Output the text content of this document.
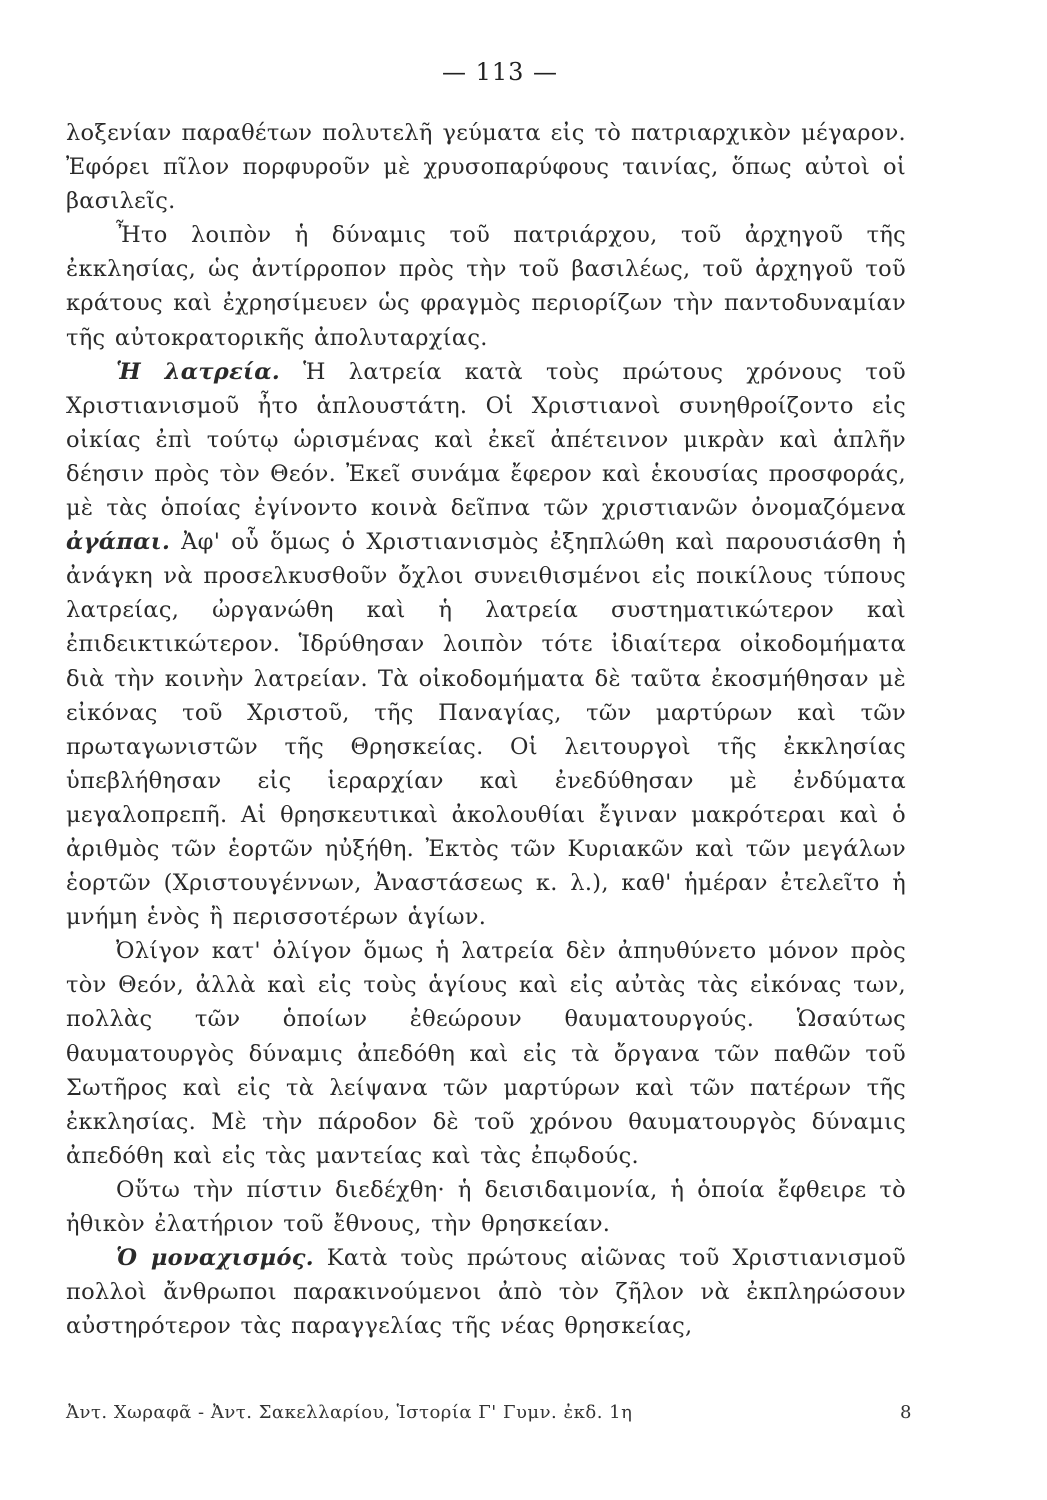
— 113 —

λοξενίαν παραθέτων πολυτελῆ γεύματα εἰς τὸ πατριαρχικὸν μέγαρον. Ἐφόρει πῖλον πορφυροῦν μὲ χρυσοπαρύφους ταινίας, ὅπως αὐτοὶ οἱ βασιλεῖς.

Ἦτο λοιπὸν ἡ δύναμις τοῦ πατριάρχου, τοῦ ἀρχηγοῦ τῆς ἐκκλησίας, ὡς ἀντίρροπον πρὸς τὴν τοῦ βασιλέως, τοῦ ἀρχηγοῦ τοῦ κράτους καὶ ἐχρησίμευεν ὡς φραγμὸς περιορίζων τὴν παντοδυναμίαν τῆς αὐτοκρατορικῆς ἀπολυταρχίας.

Ἡ λατρεία. Ἡ λατρεία κατὰ τοὺς πρώτους χρόνους τοῦ Χριστιανισμοῦ ἦτο ἁπλουστάτη. Οἱ Χριστιανοὶ συνηθροίζοντο εἰς οἰκίας ἐπὶ τούτῳ ὡρισμένας καὶ ἐκεῖ ἀπέτεινον μικρὰν καὶ ἁπλῆν δέησιν πρὸς τὸν Θεόν. Ἐκεῖ συνάμα ἔφερον καὶ ἑκουσίας προσφοράς, μὲ τὰς ὁποίας ἐγίνοντο κοινὰ δεῖπνα τῶν χριστιανῶν ὀνομαζόμενα ἀγάπαι. Ἀφ' οὗ ὅμως ὁ Χριστιανισμὸς ἐξηπλώθη καὶ παρουσιάσθη ἡ ἀνάγκη νὰ προσελκυσθοῦν ὄχλοι συνειθισμένοι εἰς ποικίλους τύπους λατρείας, ὠργανώθη καὶ ἡ λατρεία συστηματικώτερον καὶ ἐπιδεικτικώτερον. Ἱδρύθησαν λοιπὸν τότε ἰδιαίτερα οἰκοδομήματα διὰ τὴν κοινὴν λατρείαν. Τὰ οἰκοδομήματα δὲ ταῦτα ἐκοσμήθησαν μὲ εἰκόνας τοῦ Χριστοῦ, τῆς Παναγίας, τῶν μαρτύρων καὶ τῶν πρωταγωνιστῶν τῆς Θρησκείας. Οἱ λειτουργοὶ τῆς ἐκκλησίας ὑπεβλήθησαν εἰς ἱεραρχίαν καὶ ἐνεδύθησαν μὲ ἐνδύματα μεγαλοπρεπῆ. Αἱ θρησκευτικαὶ ἀκολουθίαι ἔγιναν μακρότεραι καὶ ὁ ἀριθμὸς τῶν ἑορτῶν ηὐξήθη. Ἐκτὸς τῶν Κυριακῶν καὶ τῶν μεγάλων ἑορτῶν (Χριστουγέννων, Ἀναστάσεως κ. λ.), καθ' ἡμέραν ἐτελεῖτο ἡ μνήμη ἑνὸς ἢ περισσοτέρων ἁγίων.

Ὀλίγον κατ' ὀλίγον ὅμως ἡ λατρεία δὲν ἀπηυθύνετο μόνον πρὸς τὸν Θεόν, ἀλλὰ καὶ εἰς τοὺς ἁγίους καὶ εἰς αὐτὰς τὰς εἰκόνας των, πολλὰς τῶν ὁποίων ἐθεώρουν θαυματουργούς. Ὡσαύτως θαυματουργὸς δύναμις ἀπεδόθη καὶ εἰς τὰ ὄργανα τῶν παθῶν τοῦ Σωτῆρος καὶ εἰς τὰ λείψανα τῶν μαρτύρων καὶ τῶν πατέρων τῆς ἐκκλησίας. Μὲ τὴν πάροδον δὲ τοῦ χρόνου θαυματουργὸς δύναμις ἀπεδόθη καὶ εἰς τὰς μαντείας καὶ τὰς ἐπῳδούς.

Οὕτω τὴν πίστιν διεδέχθη· ἡ δεισιδαιμονία, ἡ ὁποία ἔφθειρε τὸ ἠθικὸν ἐλατήριον τοῦ ἔθνους, τὴν θρησκείαν.

Ὁ μοναχισμός. Κατὰ τοὺς πρώτους αἰῶνας τοῦ Χριστιανισμοῦ πολλοὶ ἄνθρωποι παρακινούμενοι ἀπὸ τὸν ζῆλον νὰ ἐκπληρώσουν αὐστηρότερον τὰς παραγγελίας τῆς νέας θρησκείας,

Ἀντ. Χωραφᾶ - Ἀντ. Σακελλαρίου, Ἱστορία Γ' Γυμν. ἐκδ. 1η	8
